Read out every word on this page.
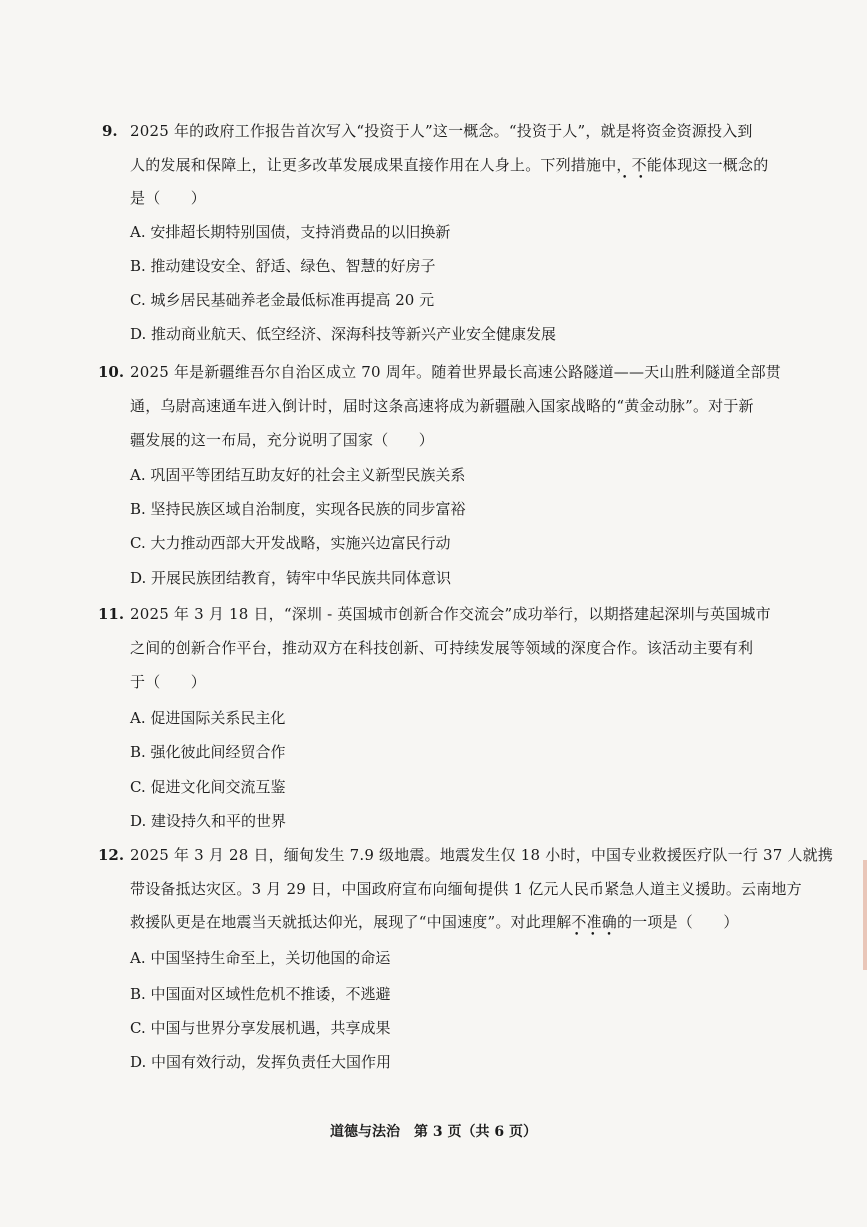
9. 2025 年的政府工作报告首次写入“投资于人”这一概念。“投资于人”，就是将资金资源投入到
人的发展和保障上，让更多改革发展成果直接作用在人身上。下列措施中，不能体现这一概念的
• •
是（　　）
A. 安排超长期特别国债，支持消费品的以旧换新
B. 推动建设安全、舒适、绿色、智慧的好房子
C. 城乡居民基础养老金最低标准再提高 20 元
D. 推动商业航天、低空经济、深海科技等新兴产业安全健康发展
10. 2025 年是新疆维吾尔自治区成立 70 周年。随着世界最长高速公路隧道——天山胜利隧道全部贯
通，乌尉高速通车进入倒计时，届时这条高速将成为新疆融入国家战略的“黄金动脉”。对于新
疆发展的这一布局，充分说明了国家（　　）
A. 巩固平等团结互助友好的社会主义新型民族关系
B. 坚持民族区域自治制度，实现各民族的同步富裕
C. 大力推动西部大开发战略，实施兴边富民行动
D. 开展民族团结教育，铸牢中华民族共同体意识
11. 2025 年 3 月 18 日，“深圳 - 英国城市创新合作交流会”成功举行，以期搭建起深圳与英国城市
之间的创新合作平台，推动双方在科技创新、可持续发展等领域的深度合作。该活动主要有利
于（　　）
A. 促进国际关系民主化
B. 强化彼此间经贸合作
C. 促进文化间交流互鉴
D. 建设持久和平的世界
12. 2025 年 3 月 28 日，缅甸发生 7.9 级地震。地震发生仅 18 小时，中国专业救援医疗队一行 37 人就携
带设备抵达灾区。3 月 29 日，中国政府宣布向缅甸提供 1 亿元人民币紧急人道主义援助。云南地方
救援队更是在地震当天就抵达仰光，展现了“中国速度”。对此理解不准确的一项是（　　）
• • •
A. 中国坚持生命至上，关切他国的命运
B. 中国面对区域性危机不推诿，不逃避
C. 中国与世界分享发展机遇，共享成果
D. 中国有效行动，发挥负责任大国作用
道德与法治　第 3 页（共 6 页）
